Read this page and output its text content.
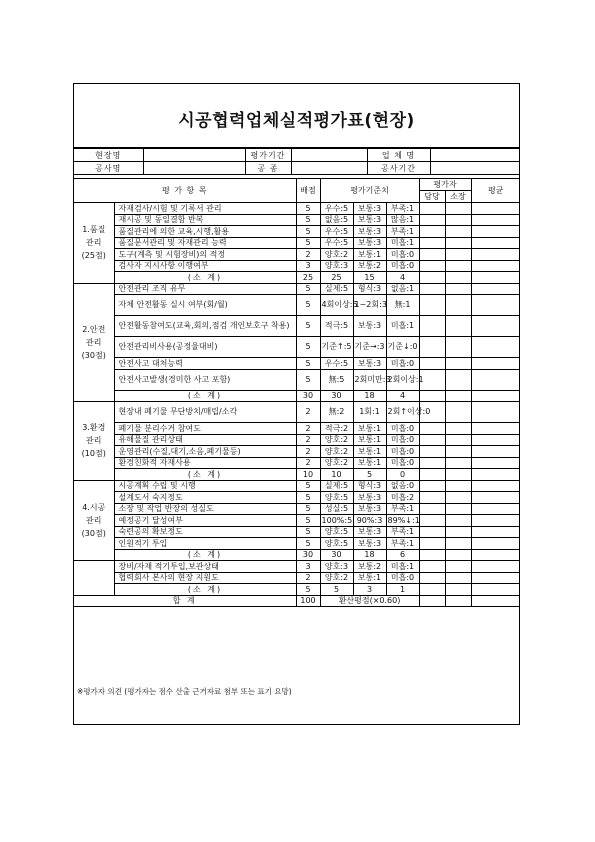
시공협력업체실적평가표(현장)
현장명		평가기간		업 체 명	
공사명		공 종		공사기간	
평 가 항 목		배점	평가기준치			평가자		평균
						담당	소장	

1.품질
관리
(25점)	자재검사/시험 및 기록서 관리	5	우수:5	보통:3	부족:1			
	재시공 및 동일결함 반복	5	없음:5	보통:3	많음:1			
	품질관리에 의한 교육,시행,활용	5	우수:5	보통:3	부족:1			
	품질문서관리 및 자재관리 능력	5	우수:5	보통:3	미흡:1			
	도구(계측 및 시험장비)의 적정	2	양호:2	보통:1	미흡:0			
	검사자 지시사항 이행여부	3	양호:3	보통:2	미흡:0			
	(소 계)	25	25	15	4			

2.안전
관리
(30점)	안전관리 조직 유무	5	실제:5	형식:3	없음:1			
	자체 안전활동 실시 여부(회/월)	5	4회이상:5	1~2회:3	無:1			
	안전활동참여도(교육,회의,점검 개인보호구 착용)	5	적극:5	보통:3	미흡:1			
	안전관리비사용(공정율대비)	5	기준↑:5	기준→:3	기준↓:0			
	안전사고 대처능력	5	우수:5	보통:3	미흡:0			
	안전사고발생(경미한 사고 포함)	5	無:5	2회미만:3	2회이상:1			
	(소 계)	30	30	18	4			

3.환경
관리
(10점)	현장내 폐기물 무단방치/매립/소각	2	無:2	1회:1	2회↑이상:0			
	폐기물 분리수거 참여도	2	적극:2	보통:1	미흡:0			
	유해물질 관리상태	2	양호:2	보통:1	미흡:0			
	운영관리(수질,대기,소음,폐기물등)	2	양호:2	보통:1	미흡:0			
	환경친화적 자재사용	2	양호:2	보통:1	미흡:0			
	(소 계)	10	10	5	0			

4.시공
관리
(30점)	시공계획 수립 및 시행	5	실제:5	형식:3	없음:0			
	설계도서 숙지정도	5	양호:5	보통:3	미흡:2			
	소장 및 작업 반장의 성실도	5	성실:5	보통:3	부족:1			
	예정공기 달성여부	5	100%:5	90%:3	89%↓:1			
	숙련공의 확보정도	5	양호:5	보통:3	부족:1			
	인원적기 투입	5	양호:5	보통:3	부족:1			
	(소 계)	30	30	18	6			
	장비/자재 적기투입,보관상태	3	양호:3	보통:2	미흡:1			
	협력회사 본사의 현장 지원도	2	양호:2	보통:1	미흡:0			
	(소 계)	5	5	3	1			
합 계		100	환산평점(×0.60)					
※평가자 의견 (평가자는 점수 산출 근거자료 첨부 또는 표기 요망)
